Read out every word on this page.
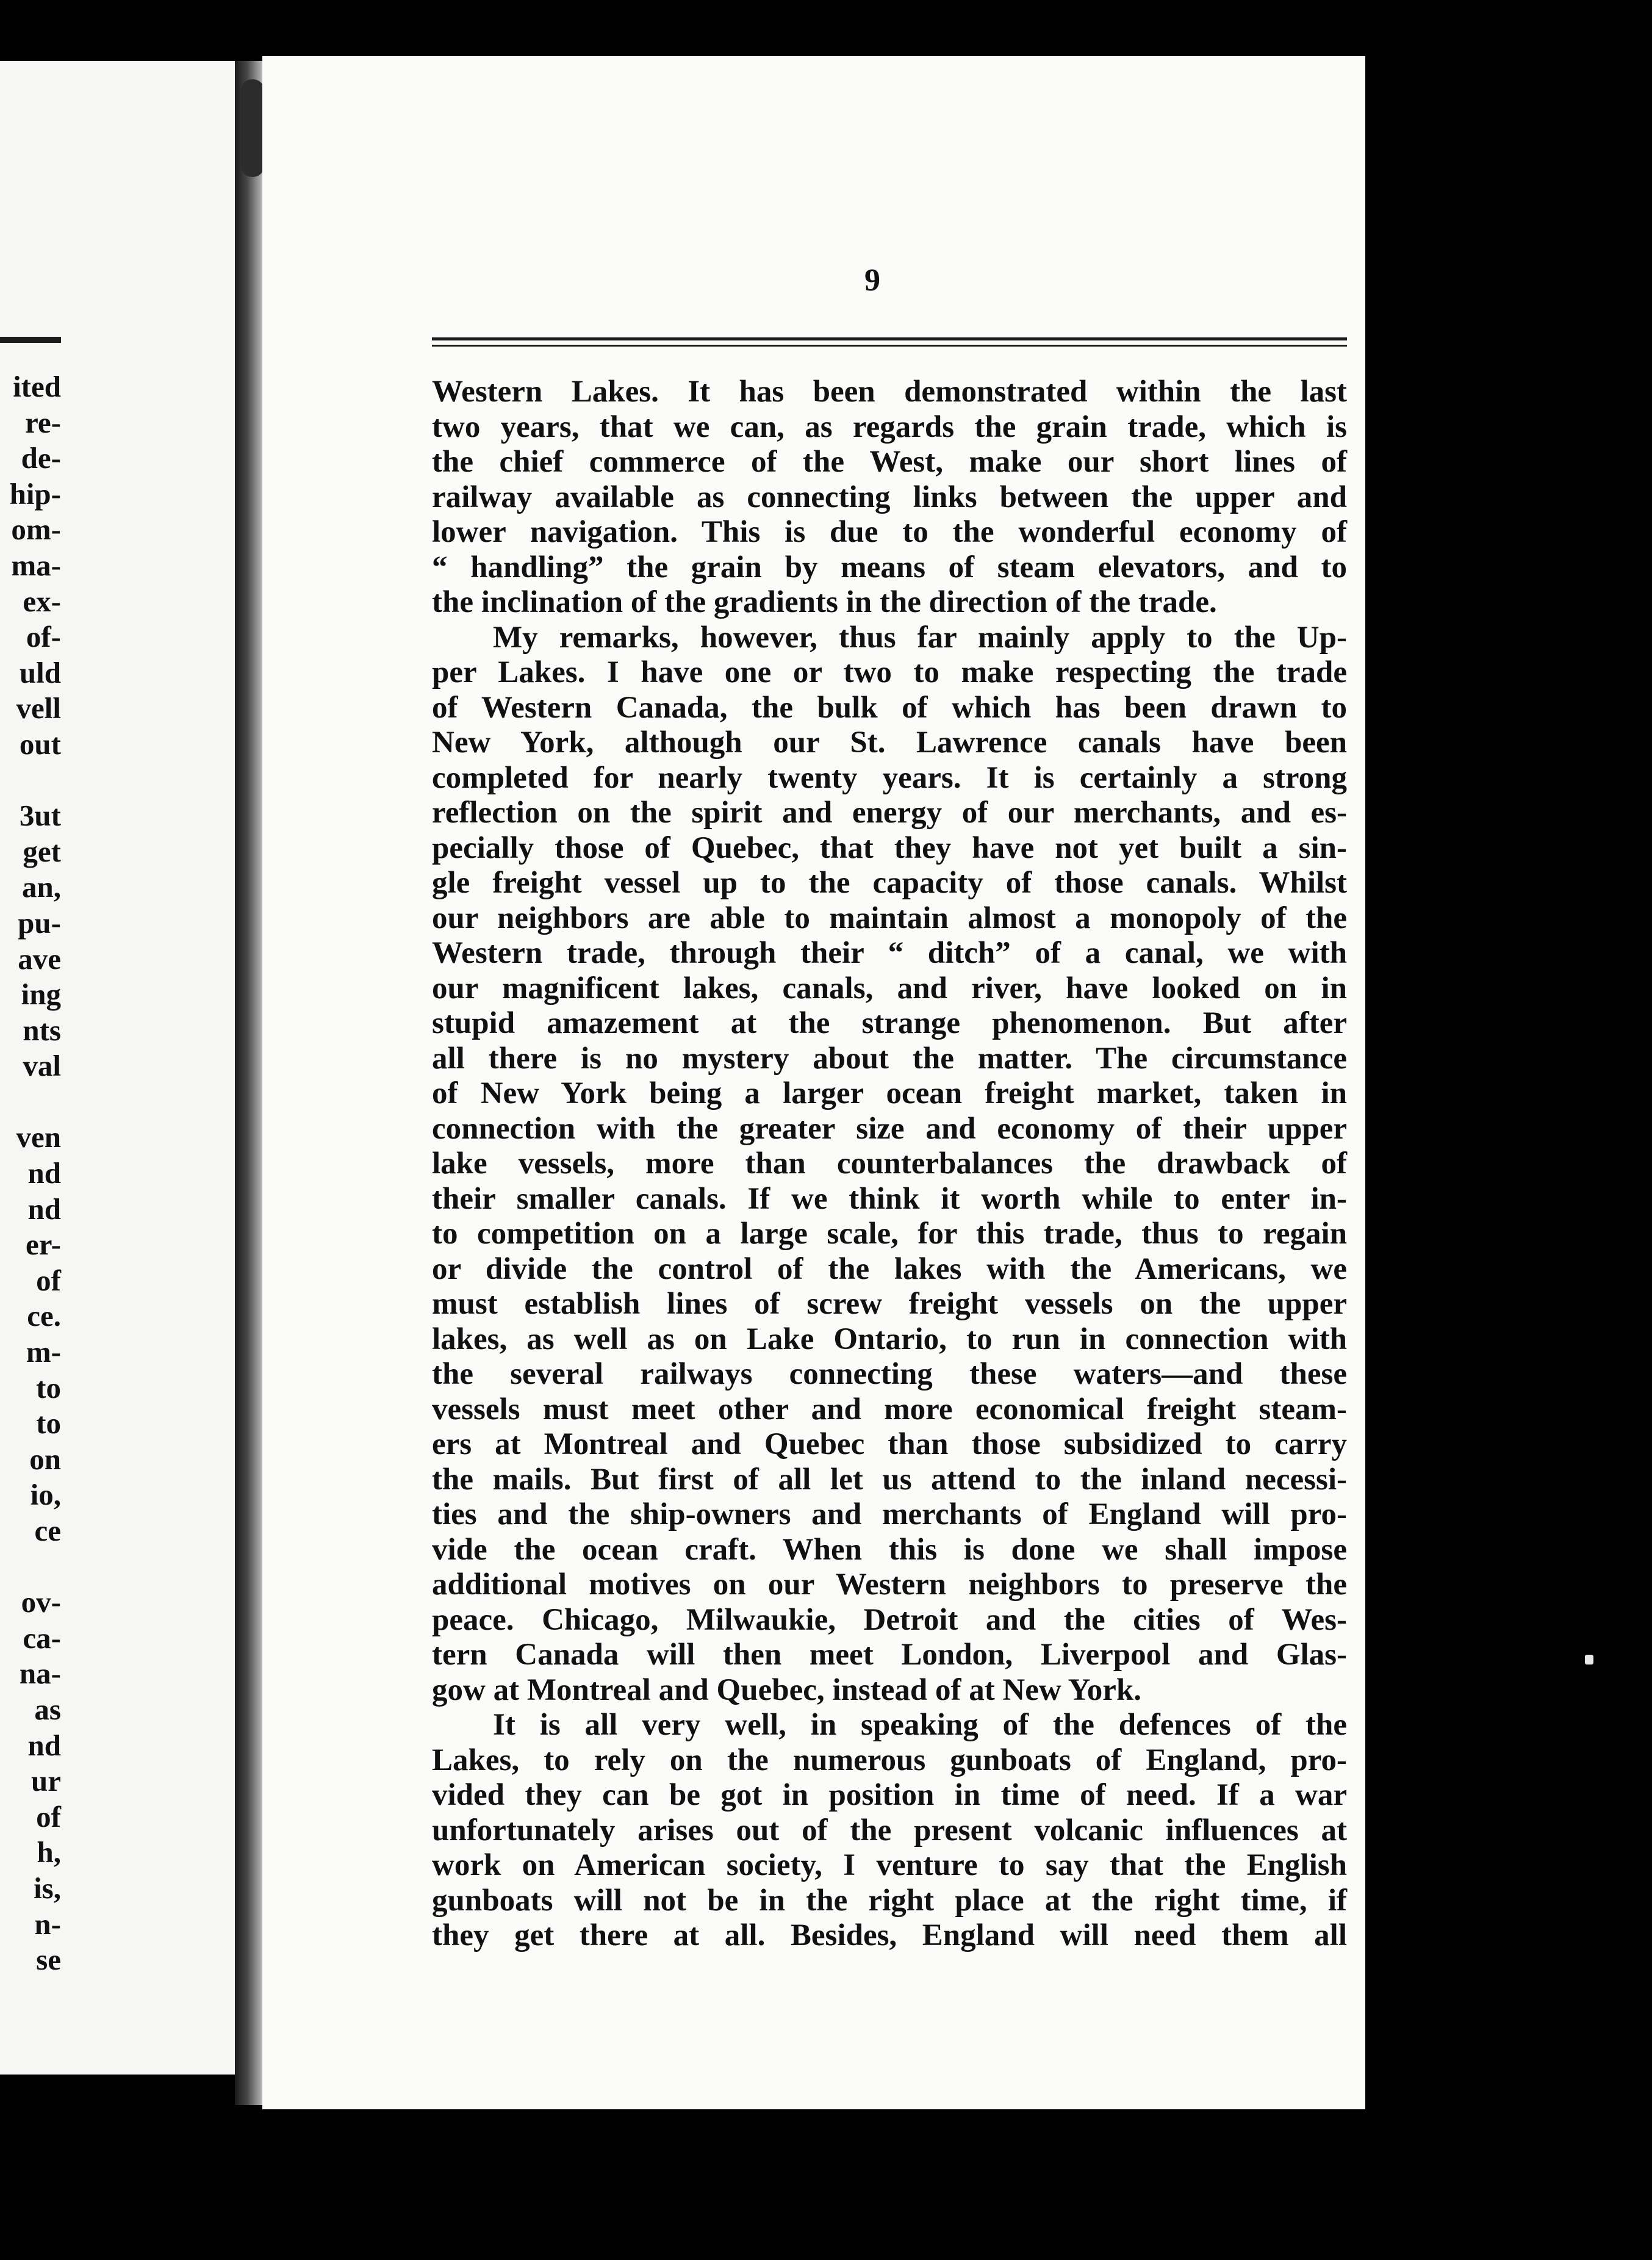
ited
re-
de-
hip-
om-
ma-
ex-
of-
uld
vell
out
3ut
get
an,
pu-
ave
ing
nts
val
ven
nd
nd
er-
of
ce.
m-
to
to
on
io,
ce
ov-
ca-
na-
as
nd
ur
of
h,
is,
n-
se
9
Western Lakes. It has been demonstrated within the last
two years, that we can, as regards the grain trade, which is
the chief commerce of the West, make our short lines of
railway available as connecting links between the upper and
lower navigation. This is due to the wonderful economy of
“ handling” the grain by means of steam elevators, and to
the inclination of the gradients in the direction of the trade.
My remarks, however, thus far mainly apply to the Up-
per Lakes. I have one or two to make respecting the trade
of Western Canada, the bulk of which has been drawn to
New York, although our St. Lawrence canals have been
completed for nearly twenty years. It is certainly a strong
reflection on the spirit and energy of our merchants, and es-
pecially those of Quebec, that they have not yet built a sin-
gle freight vessel up to the capacity of those canals. Whilst
our neighbors are able to maintain almost a monopoly of the
Western trade, through their “ ditch” of a canal, we with
our magnificent lakes, canals, and river, have looked on in
stupid amazement at the strange phenomenon. But after
all there is no mystery about the matter. The circumstance
of New York being a larger ocean freight market, taken in
connection with the greater size and economy of their upper
lake vessels, more than counterbalances the drawback of
their smaller canals. If we think it worth while to enter in-
to competition on a large scale, for this trade, thus to regain
or divide the control of the lakes with the Americans, we
must establish lines of screw freight vessels on the upper
lakes, as well as on Lake Ontario, to run in connection with
the several railways connecting these waters—and these
vessels must meet other and more economical freight steam-
ers at Montreal and Quebec than those subsidized to carry
the mails. But first of all let us attend to the inland necessi-
ties and the ship-owners and merchants of England will pro-
vide the ocean craft. When this is done we shall impose
additional motives on our Western neighbors to preserve the
peace. Chicago, Milwaukie, Detroit and the cities of Wes-
tern Canada will then meet London, Liverpool and Glas-
gow at Montreal and Quebec, instead of at New York.
It is all very well, in speaking of the defences of the
Lakes, to rely on the numerous gunboats of England, pro-
vided they can be got in position in time of need. If a war
unfortunately arises out of the present volcanic influences at
work on American society, I venture to say that the English
gunboats will not be in the right place at the right time, if
they get there at all. Besides, England will need them all
